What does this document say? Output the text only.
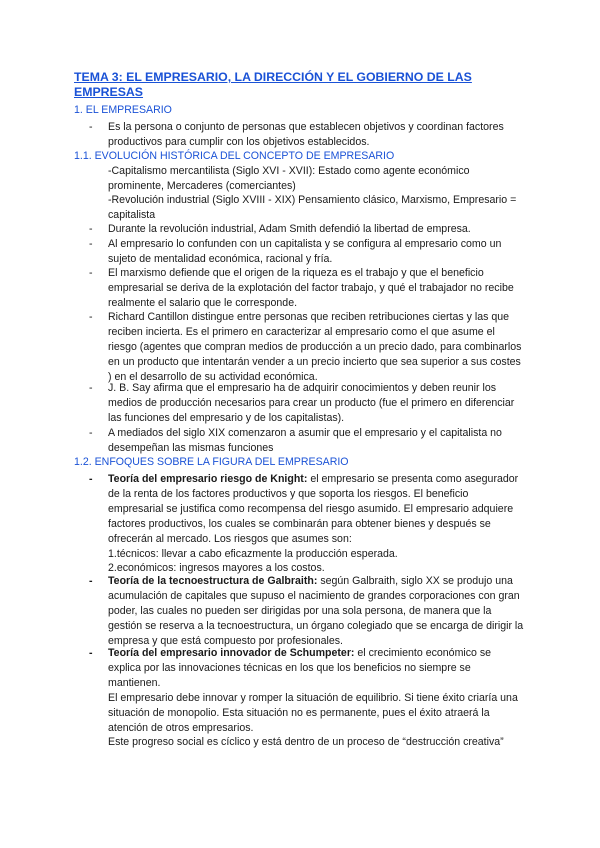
TEMA 3: EL EMPRESARIO, LA DIRECCIÓN Y EL GOBIERNO DE LAS EMPRESAS
1. EL EMPRESARIO
- Es la persona o conjunto de personas que establecen objetivos y coordinan factores productivos para cumplir con los objetivos establecidos.
1.1. EVOLUCIÓN HISTÓRICA DEL CONCEPTO DE EMPRESARIO
-Capitalismo mercantilista (Siglo XVI - XVII): Estado como agente económico prominente, Mercaderes (comerciantes)
-Revolución industrial (Siglo XVIII - XIX) Pensamiento clásico, Marxismo, Empresario = capitalista
- Durante la revolución industrial, Adam Smith defendió la libertad de empresa.
- Al empresario lo confunden con un capitalista y se configura al empresario como un sujeto de mentalidad económica, racional y fría.
- El marxismo defiende que el origen de la riqueza es el trabajo y que el beneficio empresarial se deriva de la explotación del factor trabajo, y qué el trabajador no recibe realmente el salario que le corresponde.
- Richard Cantillon distingue entre personas que reciben retribuciones ciertas y las que reciben incierta. Es el primero en caracterizar al empresario como el que asume el riesgo (agentes que compran medios de producción a un precio dado, para combinarlos en un producto que intentarán vender a un precio incierto que sea superior a sus costes ) en el desarrollo de su actividad económica.
- J. B. Say afirma que el empresario ha de adquirir conocimientos y deben reunir los medios de producción necesarios para crear un producto (fue el primero en diferenciar las funciones del empresario y de los capitalistas).
- A mediados del siglo XIX comenzaron a asumir que el empresario y el capitalista no desempeñan las mismas funciones
1.2. ENFOQUES SOBRE LA FIGURA DEL EMPRESARIO
- Teoría del empresario riesgo de Knight: el empresario se presenta como asegurador de la renta de los factores productivos y que soporta los riesgos. El beneficio empresarial se justifica como recompensa del riesgo asumido. El empresario adquiere factores productivos, los cuales se combinarán para obtener bienes y después se ofrecerán al mercado. Los riesgos que asumes son:

1.técnicos: llevar a cabo eficazmente la producción esperada.

2.económicos: ingresos mayores a los costos.

- Teoría de la tecnoestructura de Galbraith: según Galbraith, siglo XX se produjo una acumulación de capitales que supuso el nacimiento de grandes corporaciones con gran poder, las cuales no pueden ser dirigidas por una sola persona, de manera que la gestión se reserva a la tecnoestructura, un órgano colegiado que se encarga de dirigir la empresa y que está compuesto por profesionales.

- Teoría del empresario innovador de Schumpeter: el crecimiento económico se explica por las innovaciones técnicas en los que los beneficios no siempre se mantienen.

El empresario debe innovar y romper la situación de equilibrio. Si tiene éxito criaría una situación de monopolio. Esta situación no es permanente, pues el éxito atraerá la atención de otros empresarios.

Este progreso social es cíclico y está dentro de un proceso de “destrucción creativa”
